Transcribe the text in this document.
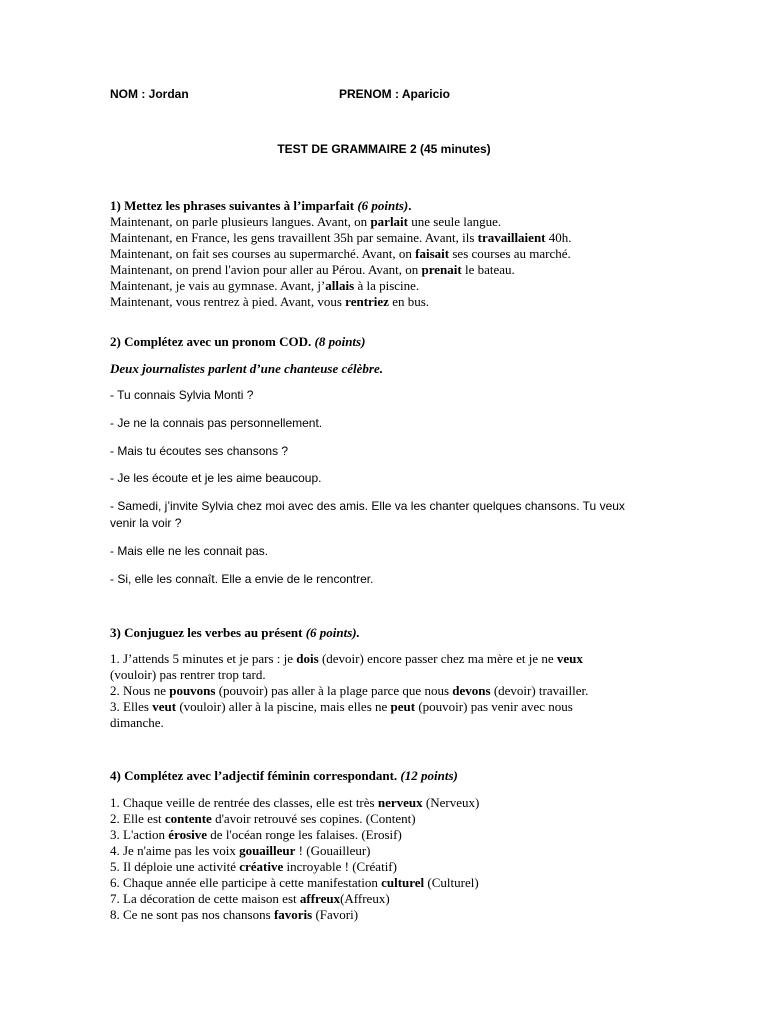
NOM : Jordan	PRENOM : Aparicio
TEST DE GRAMMAIRE 2 (45 minutes)
1) Mettez les phrases suivantes à l’imparfait (6 points).
Maintenant, on parle plusieurs langues. Avant, on parlait une seule langue.
Maintenant, en France, les gens travaillent 35h par semaine. Avant, ils travaillaient 40h.
Maintenant, on fait ses courses au supermarché. Avant, on faisait ses courses au marché.
Maintenant, on prend l'avion pour aller au Pérou. Avant, on prenait le bateau.
Maintenant, je vais au gymnase. Avant, j’allais à la piscine.
Maintenant, vous rentrez à pied. Avant, vous rentriez en bus.
2) Complétez avec un pronom COD. (8 points)
Deux journalistes parlent d’une chanteuse célèbre.
- Tu connais Sylvia Monti ?
- Je ne la connais pas personnellement.
- Mais tu écoutes ses chansons ?
- Je les écoute et je les aime beaucoup.
- Samedi, j’invite Sylvia chez moi avec des amis. Elle va les chanter quelques chansons. Tu veux
venir la voir ?
- Mais elle ne les connait pas.
- Si, elle les connaît. Elle a envie de le rencontrer.
3) Conjuguez les verbes au présent (6 points).
1. J’attends 5 minutes et je pars : je dois (devoir) encore passer chez ma mère et je ne veux
(vouloir) pas rentrer trop tard.
2. Nous ne pouvons (pouvoir) pas aller à la plage parce que nous devons (devoir) travailler.
3. Elles veut (vouloir) aller à la piscine, mais elles ne peut (pouvoir) pas venir avec nous
dimanche.
4) Complétez avec l’adjectif féminin correspondant. (12 points)
1. Chaque veille de rentrée des classes, elle est très nerveux (Nerveux)
2. Elle est contente d'avoir retrouvé ses copines. (Content)
3. L'action érosive de l'océan ronge les falaises. (Erosif)
4. Je n'aime pas les voix gouailleur ! (Gouailleur)
5. Il déploie une activité créative incroyable ! (Créatif)
6. Chaque année elle participe à cette manifestation culturel (Culturel)
7. La décoration de cette maison est affreux(Affreux)
8. Ce ne sont pas nos chansons favoris (Favori)
